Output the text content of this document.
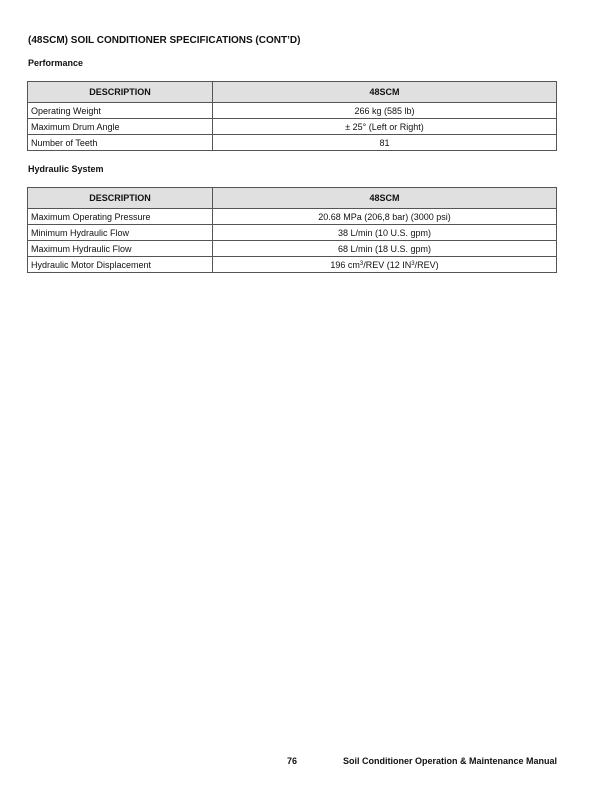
(48SCM) SOIL CONDITIONER SPECIFICATIONS (CONT’D)
Performance
DESCRIPTION	48SCM
Operating Weight	266 kg (585 lb)
Maximum Drum Angle	± 25° (Left or Right)
Number of Teeth	81
Hydraulic System
DESCRIPTION	48SCM
Maximum Operating Pressure	20.68 MPa (206,8 bar) (3000 psi)
Minimum Hydraulic Flow	38 L/min (10 U.S. gpm)
Maximum Hydraulic Flow	68 L/min (18 U.S. gpm)
Hydraulic Motor Displacement	196 $cm^3$/REV (12 $IN^3/REV$)
76	Soil Conditioner Operation & Maintenance Manual
